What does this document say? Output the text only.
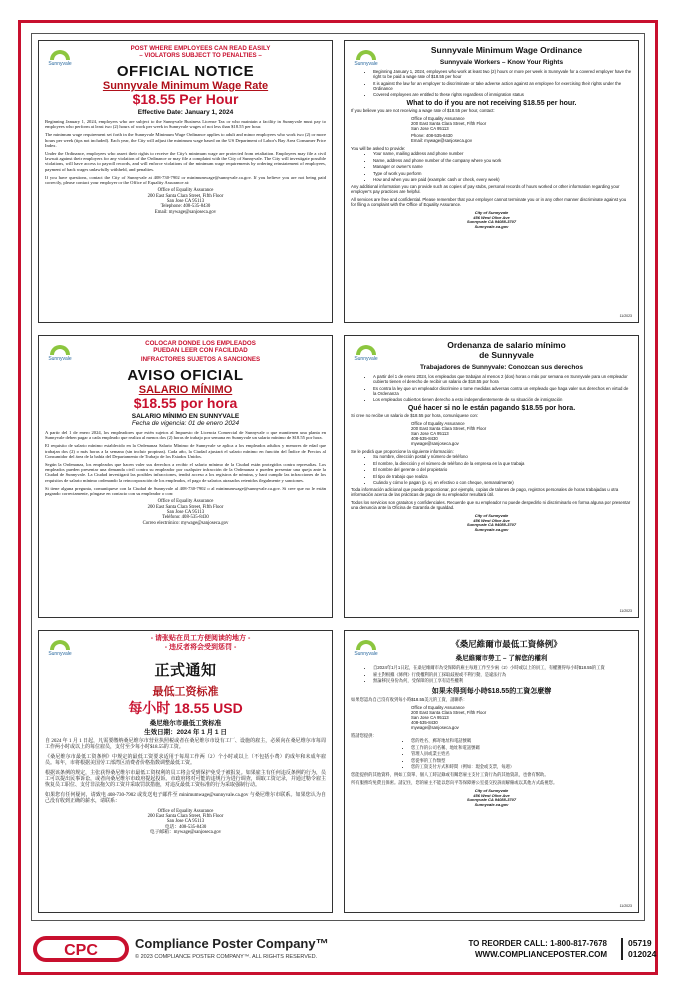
Sunnyvale
POST WHERE EMPLOYEES CAN READ EASILY
– VIOLATORS SUBJECT TO PENALTIES –
OFFICIAL NOTICE
Sunnyvale Minimum Wage Rate
$18.55 Per Hour
Effective Date: January 1, 2024

Beginning January 1, 2024, employers who are subject to the Sunnyvale Business License Tax or who maintain a facility in Sunnyvale must pay to employees who perform at least two (2) hours of work per week in Sunnyvale wages of not less than $18.55 per hour.

The minimum wage requirement set forth in the Sunnyvale Minimum Wage Ordinance applies to adult and minor employees who work two (2) or more hours per week (tips not included). Each year, the City will adjust the minimum wage based on the US Department of Labor's Bay Area Consumer Price Index.

Under the Ordinance, employees who assert their rights to receive the City's minimum wage are protected from retaliation. Employees may file a civil lawsuit against their employers for any violation of the Ordinance or may file a complaint with the City of Sunnyvale. The City will investigate possible violations, will have access to payroll records, and will enforce violations of the minimum wage requirements by ordering reinstatement of employees, payment of back wages unlawfully withheld, and penalties.

If you have questions, contact the City of Sunnyvale at 408-730-7902 or minimumwage@sunnyvale.ca.gov. If you believe you are not being paid correctly, please contact your employer or the Office of Equality Assurance at:

Office of Equality Assurance
200 East Santa Clara Street, Fifth Floor
San Jose CA 95113
Telephone: 408-535-8430
Email: mywage@sanjoseca.gov
Sunnyvale
Sunnyvale Minimum Wage Ordinance
Sunnyvale Workers – Know Your Rights
• Beginning January 1, 2024, employees who work at least two (2) hours or more per week in Sunnyvale for a covered employer have the right to be paid a wage rate of $18.55 per hour
• It is against the law for an employer to discriminate or take adverse action against an employee for exercising their rights under the Ordinance
• Covered employees are entitled to these rights regardless of immigration status
What to do if you are not receiving $18.55 per hour.
If you believe you are not receiving a wage rate of $18.55 per hour, contact:
Office of Equality Assurance
200 East Santa Clara Street, Fifth Floor
San Jose CA 95113
Phone: 408-535-8430
Email: mywage@sanjoseca.gov
You will be asked to provide:
• Your name, mailing address and phone number
• Name, address and phone number of the company where you work
• Manager or owner's name
• Type of work you perform
• How and when you are paid (example: cash or check, every week)

Any additional information you can provide such as copies of pay stubs, personal records of hours worked or other information regarding your employer's pay practices are helpful.

All services are free and confidential. Please remember that your employer cannot terminate you or in any other manner discriminate against you for filing a complaint with the Office of Equality Assurance.

City of Sunnyvale
456 West Olive Ave
Sunnyvale CA 94088-3707
Sunnyvale.ca.gov
11/2023
Sunnyvale
COLOCAR DONDE LOS EMPLEADOS
PUEDAN LEER CON FACILIDAD
INFRACTORES SUJETOS A SANCIONES
AVISO OFICIAL
SALARIO MÍNIMO
$18.55 por hora
SALARIO MÍNIMO EN SUNNYVALE
Fecha de vigencia: 01 de enero 2024

A partir del 1 de enero 2024, los empleadores que estén sujetos al Impuesto de Licencia Comercial de Sunnyvale o que mantienen una planta en Sunnyvale deben pagar a cada empleado que realiza al menos dos (2) horas de trabajo por semana en Sunnyvale un salario mínimo de $18.55 por hora.

El requisito de salario mínimo establecido en la Ordenanza Salario Mínimo de Sunnyvale se aplica a los empleados adultos y menores de edad que trabajan dos (2) o más horas a la semana (sin incluir propinas). Cada año, la Ciudad ajustará el salario mínimo en función del Índice de Precios al Consumidor del área de la bahía del Departamento de Trabajo de los Estados Unidos.

Según la Ordenanza, los empleados que hacen valer sus derechos a recibir el salario mínimo de la Ciudad están protegidos contra represalias. Los empleados pueden presentar una demanda civil contra su empleador por cualquier infracción de la Ordenanza o pueden presentar una queja ante la Ciudad de Sunnyvale. La Ciudad investigará las posibles infracciones, tendrá acceso a los registros de nómina, y hará cumplir las infracciones de los requisitos de salario mínimo ordenando la reincorporación de los empleados, el pago de salarios atrasados retenidos ilegalmente y sanciones.

Si tiene alguna pregunta, comuníquese con la Ciudad de Sunnyvale al 408-730-7902 o al minimumwage@sunnyvale.ca.gov. Si cree que no le están pagando correctamente, póngase en contacto con su empleador o con:

Office of Equality Assurance
200 East Santa Clara Street, Fifth Floor
San Jose CA 95113
Teléfono: 408-535-8430
Correo electrónico: mywage@sanjoseca.gov
Sunnyvale
Ordenanza de salario mínimo
de Sunnyvale
Trabajadores de Sunnyvale: Conozcan sus derechos
• A partir del 1 de enero 2024, los empleados que trabajan al menos 2 (dos) horas o más por semana en Sunnyvale para un empleador cubierto tienen el derecho de recibir un salario de $18.55 por hora
• Es contra la ley que un empleador discrimine o tome medidas adversas contra un empleado que haga valer sus derechos en virtud de la Ordenanza
• Los empleados cubiertos tienen derecho a esto independientemente de su situación de inmigración
Qué hacer si no le están pagando $18.55 por hora.
Si cree no recibe un salario de $18.55 por hora, comuníquese con:
Office of Equality Assurance
200 East Santa Clara Street, Fifth Floor
San Jose CA 95113
408-535-8430
mywage@sanjoseca.gov
Se le pedirá que proporcione la siguiente información:
• Su nombre, dirección postal y número de teléfono
• El nombre, la dirección y el número de teléfono de la empresa en la que trabaja
• El nombre del gerente o del propietario
• El tipo de trabajo que realiza
• Cuándo y cómo le pagan (p. ej. en efectivo o con cheque, semanalmente)

Toda información adicional que pueda proporcionar, por ejemplo, copias de talones de pago, registros personales de horas trabajadas u otra información acerca de las prácticas de pago de su empleador resultará útil.

Todos los servicios son gratuitos y confidenciales. Recuerde que su empleador no puede despedirlo ni discriminarlo en forma alguna por presentar una denuncia ante la Oficina de Garantía de Igualdad.

City of Sunnyvale
456 West Olive Ave
Sunnyvale CA 94088-3707
Sunnyvale.ca.gov
11/2023
Sunnyvale
- 请张贴在员工方便阅读的地方 -
- 违反者将会受到惩罚 -
正式通知
最低工资标准
每小时 18.55 USD
桑尼维尔市最低工资标准
生效日期：2024 年 1 月 1 日

自 2024 年 1 月 1 日起，凡需要缴纳桑尼维尔市营业执照税或者在桑尼维尔市设有工厂、设施的雇主，必须向在桑尼维尔市每周工作两小时或以上的每位雇员，支付至少每小时$18.55的工资。

《桑尼维尔市最低工资条例》中规定的最低工资要求适用于每周工作两（2）个小时或以上（不包括小费）的成年和未成年雇员。每年，市将根据美国劳工部湾区消费者价格指数调整最低工资。

根据该条例的规定，主张获得桑尼维尔市最低工资权利的员工将会受到保护免受于被报复。如果雇主有任何违反条例的行为，员工可以提出民事诉讼，或者向桑尼维尔市政府提起投诉。市政府将对可能的违规行为进行调查，调取工资记录，并通过勒令雇主恢复员工职位、支付非法拖欠的工资并采取罚款措施，对违反最低工资标准的行为采取强制行动。

如果您有任何疑问，请致电 408-730-7902 或发送电子邮件至 minimumwage@sunnyvale.ca.gov 与桑尼维尔市联系。如果您认为自己没有收到正确的薪水，请联系：

Office of Equality Assurance
200 East Santa Clara Street, Fifth Floor
San Jose CA 95113
电话：408-535-8430
电子邮箱：mywage@sanjoseca.gov
Sunnyvale
《桑尼維爾市最低工資條例》
桑尼維爾市勞工 – 了解您的權利
• 自2024年1月1日起，在桑尼維爾市為受保障的雇主每週工作至少兩（2）小時或以上的員工，有權獲得每小時$18.55的工資
• 雇主對根據《條例》行使權利的員工採取歧視或不利行動，是違法行為
• 無論移民身份為何，受保障的員工享有這些權利
如果未得到每小時$18.55的工資怎麼辦
如果您認為自己沒有收到每小時$18.55美元的工資，請聯系：
Office of Equality Assurance
200 East Santa Clara Street, Fifth Floor
San Jose CA 95113
408-535-8430
mywage@sanjoseca.gov
將請您提供：
• 您的姓名、郵寄地址和電話號碼
• 您工作的公司名稱、地址和電話號碼
• 管理人員或業主姓名
• 您從事的工作類型
• 您的工資支付方式和時間（例如：現金或支票，每週）

您能提供的其他資料，例如工資單、個人工時記錄或有關您雇主支付工資行為的其他資訊，也會有幫助。

所有服務均免費且保密。請記住，您的雇主不能以您向平等保障辦公室提交投訴而解僱或以其他方式歧視您。

City of Sunnyvale
456 West Olive Ave
Sunnyvale CA 94088-3707
Sunnyvale.ca.gov
11/2023
CPC	Compliance Poster Company™
© 2023 COMPLIANCE POSTER COMPANY™. ALL RIGHTS RESERVED.
TO REORDER CALL: 1-800-817-7678
WWW.COMPLIANCEPOSTER.COM
05719
012024
